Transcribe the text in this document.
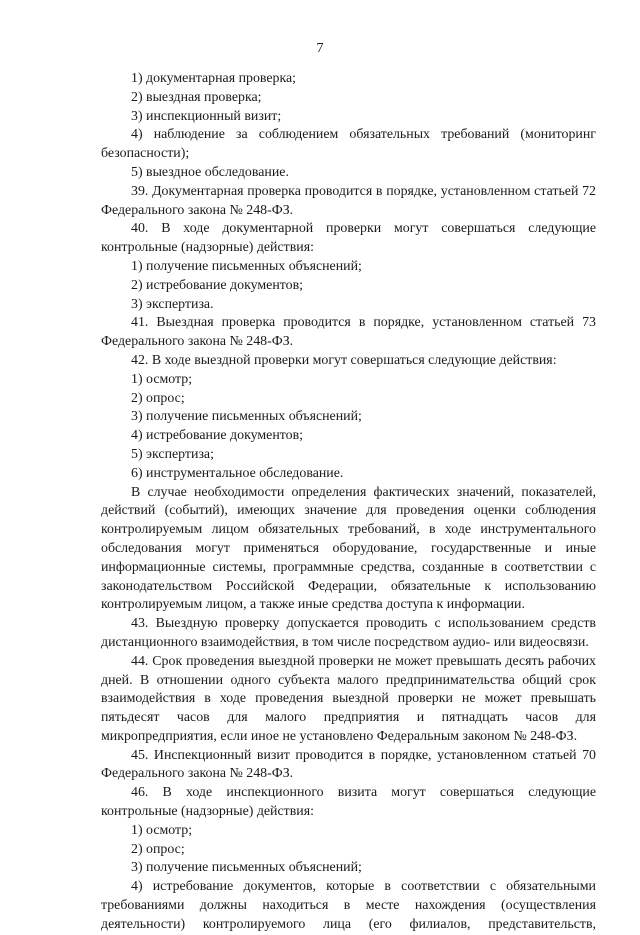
7

1) документарная проверка;

2) выездная проверка;

3) инспекционный визит;

4) наблюдение за соблюдением обязательных требований (мониторинг безопасности);

5) выездное обследование.

39. Документарная проверка проводится в порядке, установленном статьей 72 Федерального закона № 248-ФЗ.

40. В ходе документарной проверки могут совершаться следующие контрольные (надзорные) действия:

1) получение письменных объяснений;

2) истребование документов;

3) экспертиза.

41. Выездная проверка проводится в порядке, установленном статьей 73 Федерального закона № 248-ФЗ.

42. В ходе выездной проверки могут совершаться следующие действия:

1) осмотр;

2) опрос;

3) получение письменных объяснений;

4) истребование документов;

5) экспертиза;

6) инструментальное обследование.

В случае необходимости определения фактических значений, показателей, действий (событий), имеющих значение для проведения оценки соблюдения контролируемым лицом обязательных требований, в ходе инструментального обследования могут применяться оборудование, государственные и иные информационные системы, программные средства, созданные в соответствии с законодательством Российской Федерации, обязательные к использованию контролируемым лицом, а также иные средства доступа к информации.

43. Выездную проверку допускается проводить с использованием средств дистанционного взаимодействия, в том числе посредством аудио- или видеосвязи.

44. Срок проведения выездной проверки не может превышать десять рабочих дней. В отношении одного субъекта малого предпринимательства общий срок взаимодействия в ходе проведения выездной проверки не может превышать пятьдесят часов для малого предприятия и пятнадцать часов для микропредприятия, если иное не установлено Федеральным законом № 248-ФЗ.

45. Инспекционный визит проводится в порядке, установленном статьей 70 Федерального закона № 248-ФЗ.

46. В ходе инспекционного визита могут совершаться следующие контрольные (надзорные) действия:

1) осмотр;

2) опрос;

3) получение письменных объяснений;

4) истребование документов, которые в соответствии с обязательными требованиями должны находиться в месте нахождения (осуществления деятельности) контролируемого лица (его филиалов, представительств,
